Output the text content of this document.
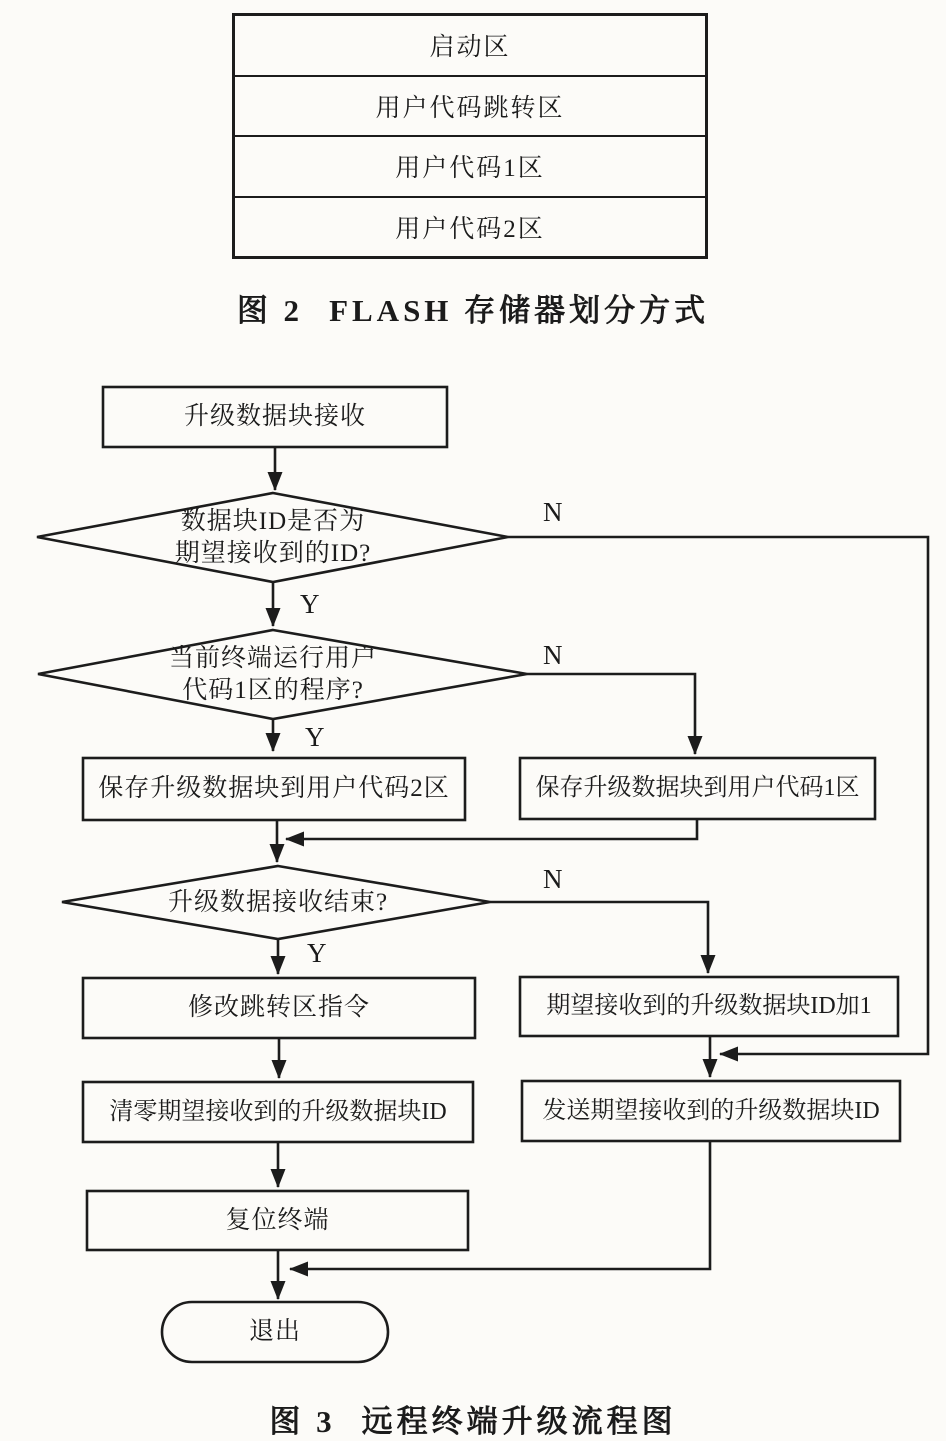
启动区
用户代码跳转区
用户代码1区
用户代码2区
图 2 FLASH 存储器划分方式
升级数据块接收
数据块ID是否为
期望接收到的ID?
当前终端运行用户
代码1区的程序?
保存升级数据块到用户代码2区	保存升级数据块到用户代码1区
升级数据接收结束?
修改跳转区指令	期望接收到的升级数据块ID加1
清零期望接收到的升级数据块ID	发送期望接收到的升级数据块ID
复位终端
退出
N
Y
N
Y
N
Y
图 3 远程终端升级流程图
